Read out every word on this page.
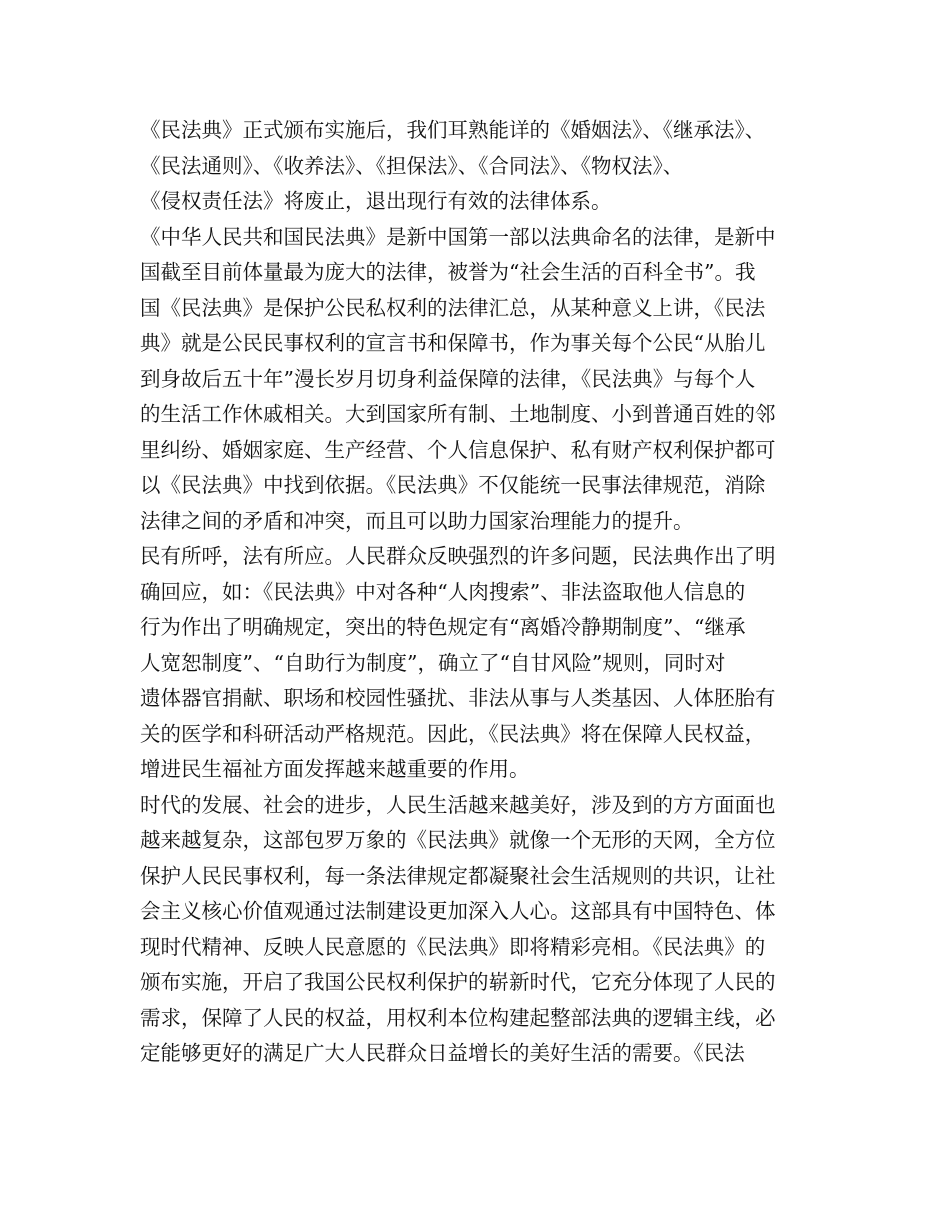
《民法典》正式颁布实施后，我们耳熟能详的《婚姻法》、《继承法》、
《民法通则》、《收养法》、《担保法》、《合同法》、《物权法》、
《侵权责任法》将废止，退出现行有效的法律体系。
《中华人民共和国民法典》是新中国第一部以法典命名的法律，是新中
国截至目前体量最为庞大的法律，被誉为“社会生活的百科全书”。我
国《民法典》是保护公民私权利的法律汇总，从某种意义上讲，《民法
典》就是公民民事权利的宣言书和保障书，作为事关每个公民“从胎儿
到身故后五十年”漫长岁月切身利益保障的法律，《民法典》与每个人
的生活工作休戚相关。大到国家所有制、土地制度、小到普通百姓的邻
里纠纷、婚姻家庭、生产经营、个人信息保护、私有财产权利保护都可
以《民法典》中找到依据。《民法典》不仅能统一民事法律规范，消除
法律之间的矛盾和冲突，而且可以助力国家治理能力的提升。
民有所呼，法有所应。人民群众反映强烈的许多问题，民法典作出了明
确回应，如：《民法典》中对各种“人肉搜索”、非法盗取他人信息的
行为作出了明确规定，突出的特色规定有“离婚冷静期制度”、“继承
人宽恕制度”、“自助行为制度”，确立了“自甘风险”规则，同时对
遗体器官捐献、职场和校园性骚扰、非法从事与人类基因、人体胚胎有
关的医学和科研活动严格规范。因此，《民法典》将在保障人民权益，
增进民生福祉方面发挥越来越重要的作用。
时代的发展、社会的进步，人民生活越来越美好，涉及到的方方面面也
越来越复杂，这部包罗万象的《民法典》就像一个无形的天网，全方位
保护人民民事权利，每一条法律规定都凝聚社会生活规则的共识，让社
会主义核心价值观通过法制建设更加深入人心。这部具有中国特色、体
现时代精神、反映人民意愿的《民法典》即将精彩亮相。《民法典》的
颁布实施，开启了我国公民权利保护的崭新时代，它充分体现了人民的
需求，保障了人民的权益，用权利本位构建起整部法典的逻辑主线，必
定能够更好的满足广大人民群众日益增长的美好生活的需要。《民法
